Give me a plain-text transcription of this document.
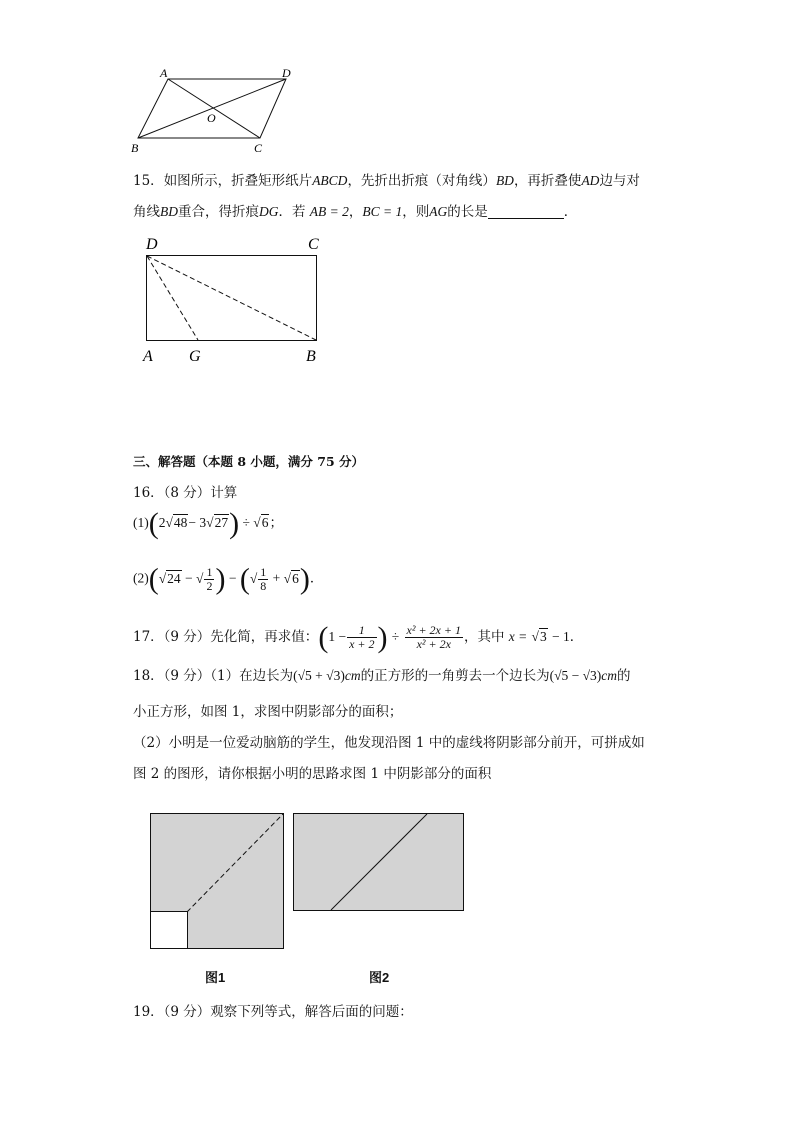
A	D
O
B	C
15．如图所示，折叠矩形纸片ABCD，先折出折痕（对角线）BD，再折叠使AD边与对
角线BD重合，得折痕DG．若 AB = 2，BC = 1，则AG的长是	．
D	C
A G	B
三、解答题（本题 8 小题，满分 75 分）
16．（8 分）计算
(1)(2√48− 3√27) ÷ √6；
(2)(√24 − √ $\frac{1}{2}$ ) − (√ $\frac{1}{8} + √6$)．
17．（9 分）先化简，再求值：($1 - \frac{1}{x + 2}$ ) ÷ $\frac{\text{x² + 2x + 1}}{\text{x² + 2x}}$ ，其中 x = √3 − 1．
18．（9 分）（1）在边长为(√5 + √3)cm的正方形的一角剪去一个边长为(√5 − √3)cm的
小正方形，如图 1，求图中阴影部分的面积；
（2）小明是一位爱动脑筋的学生，他发现沿图 1 中的虚线将阴影部分前开，可拼成如
图 2 的图形，请你根据小明的思路求图 1 中阴影部分的面积
图1	图2
19．（9 分）观察下列等式，解答后面的问题：
